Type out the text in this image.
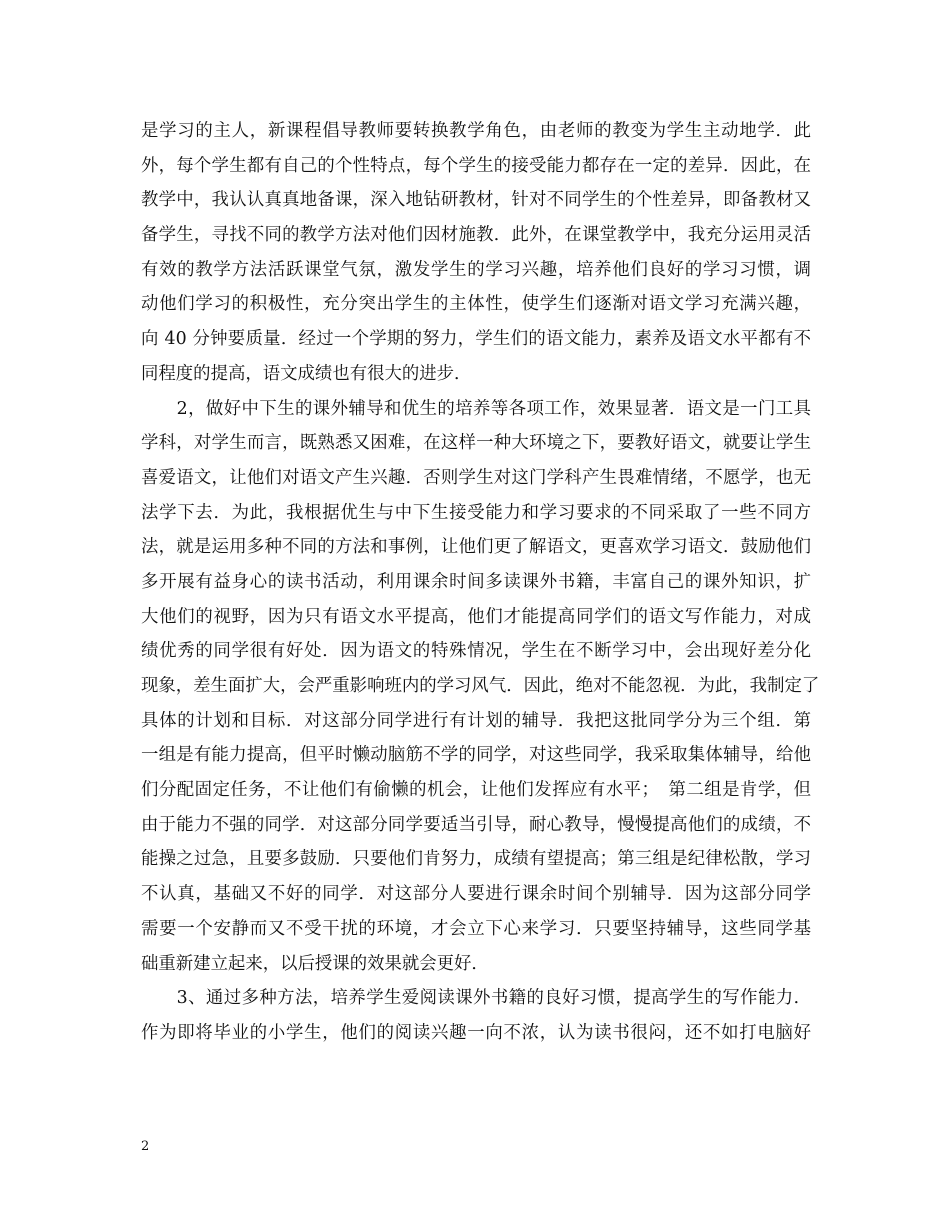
是学习的主人，新课程倡导教师要转换教学角色，由老师的教变为学生主动地学．此
外，每个学生都有自己的个性特点，每个学生的接受能力都存在一定的差异．因此，在
教学中，我认认真真地备课，深入地钻研教材，针对不同学生的个性差异，即备教材又
备学生，寻找不同的教学方法对他们因材施教．此外，在课堂教学中，我充分运用灵活
有效的教学方法活跃课堂气氛，激发学生的学习兴趣，培养他们良好的学习习惯，调
动他们学习的积极性，充分突出学生的主体性，使学生们逐渐对语文学习充满兴趣，
向 40 分钟要质量．经过一个学期的努力，学生们的语文能力，素养及语文水平都有不
同程度的提高，语文成绩也有很大的进步．
　　2，做好中下生的课外辅导和优生的培养等各项工作，效果显著．语文是一门工具
学科，对学生而言，既熟悉又困难，在这样一种大环境之下，要教好语文，就要让学生
喜爱语文，让他们对语文产生兴趣．否则学生对这门学科产生畏难情绪，不愿学，也无
法学下去．为此，我根据优生与中下生接受能力和学习要求的不同采取了一些不同方
法，就是运用多种不同的方法和事例，让他们更了解语文，更喜欢学习语文．鼓励他们
多开展有益身心的读书活动，利用课余时间多读课外书籍，丰富自己的课外知识，扩
大他们的视野，因为只有语文水平提高，他们才能提高同学们的语文写作能力，对成
绩优秀的同学很有好处．因为语文的特殊情况，学生在不断学习中，会出现好差分化
现象，差生面扩大，会严重影响班内的学习风气．因此，绝对不能忽视．为此，我制定了
具体的计划和目标．对这部分同学进行有计划的辅导．我把这批同学分为三个组．第
一组是有能力提高，但平时懒动脑筋不学的同学，对这些同学，我采取集体辅导，给他
们分配固定任务，不让他们有偷懒的机会，让他们发挥应有水平；　第二组是肯学，但
由于能力不强的同学．对这部分同学要适当引导，耐心教导，慢慢提高他们的成绩，不
能操之过急，且要多鼓励．只要他们肯努力，成绩有望提高；第三组是纪律松散，学习
不认真，基础又不好的同学．对这部分人要进行课余时间个别辅导．因为这部分同学
需要一个安静而又不受干扰的环境，才会立下心来学习．只要坚持辅导，这些同学基
础重新建立起来，以后授课的效果就会更好．
　　3、通过多种方法，培养学生爱阅读课外书籍的良好习惯，提高学生的写作能力．
作为即将毕业的小学生，他们的阅读兴趣一向不浓，认为读书很闷，还不如打电脑好
2
